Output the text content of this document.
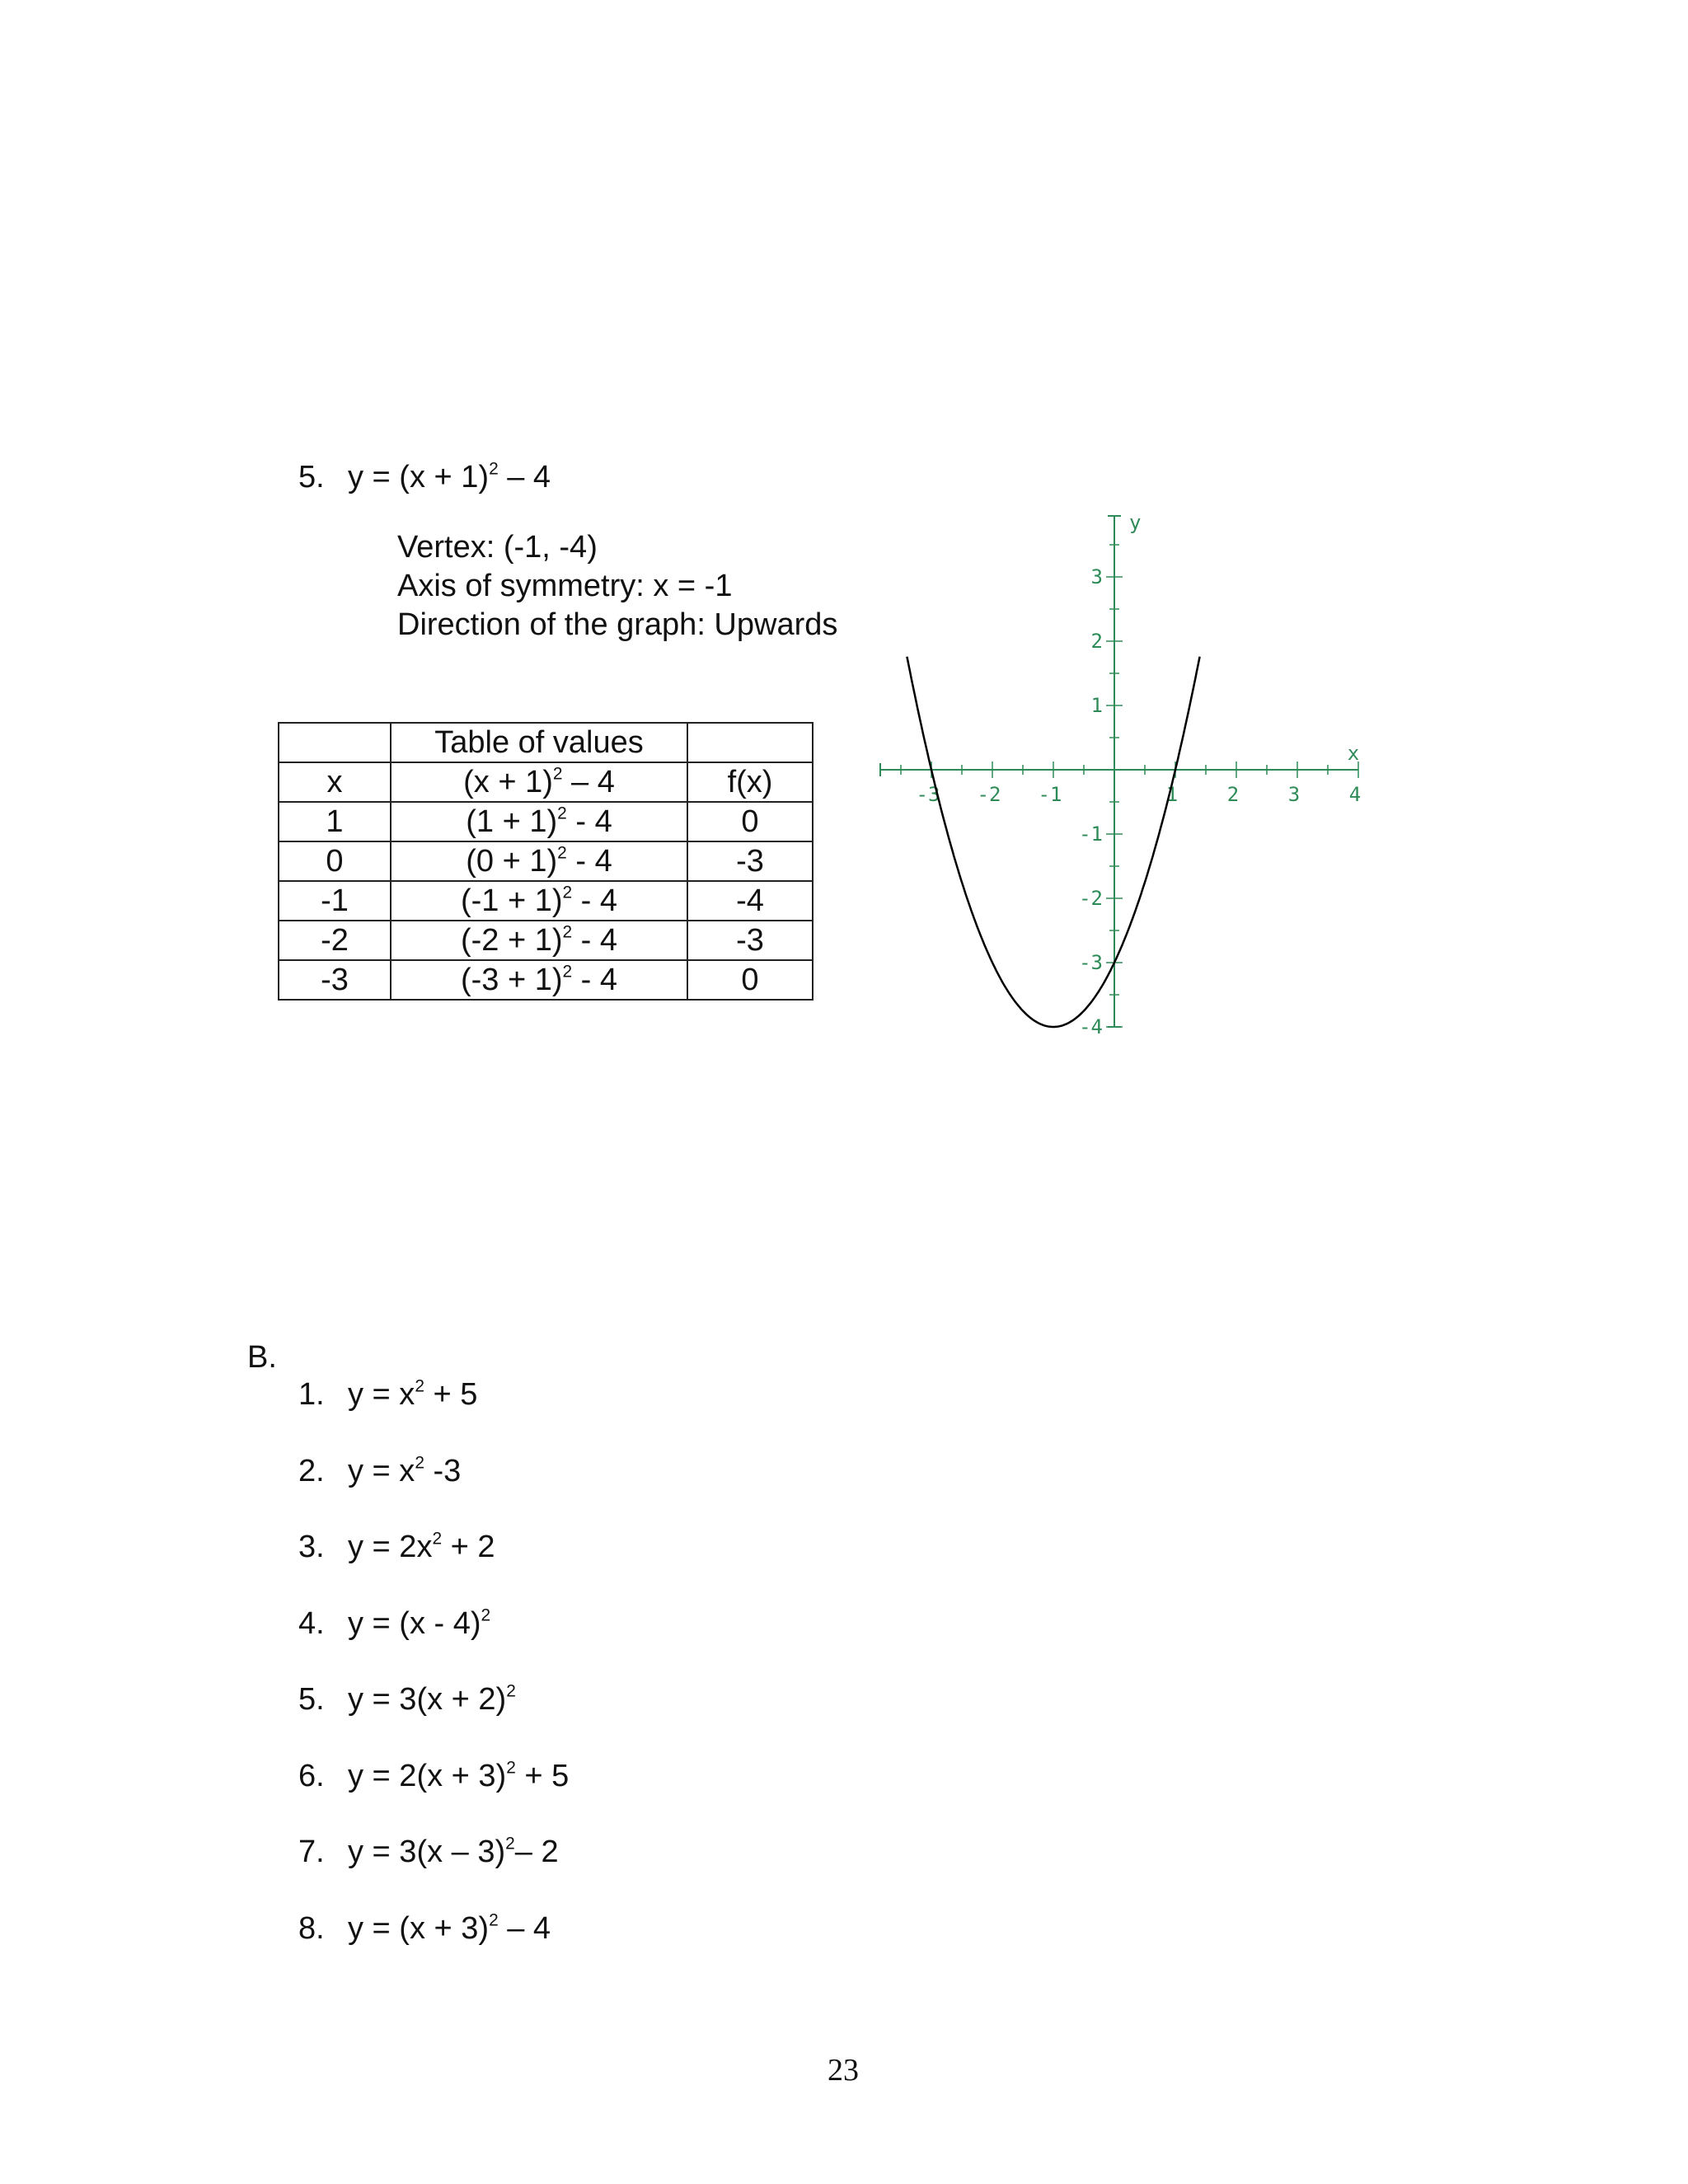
5. $y = (x + 1)^2 - 4$
Vertex: (-1, -4)
Axis of symmetry: x = -1
Direction of the graph: Upwards
	Table of values	
x	$(x + 1)^2 - 4$	f(x)
1	$(1 + 1)^2 - 4$	0
0	$(0 + 1)^2 - 4$	-3
-1	$(-1 + 1)^2 - 4$	-4
-2	$(-2 + 1)^2 - 4$	-3
-3	$(-3 + 1)^2 - 4$	0
-3 -2 -1	1 2 3 4
3
2
1
-1
-2
-3
-4
x
y
B.
1. $y = x^2 + 5$
2. $y = x^2$ -3
3. $y = 2x^2 + 2$
4. y = (x - 4)$^2$
5. $y = 3(x + 2)^2$
6. $y = 2(x + 3)^2 + 5$
7. y = 3(x – 3)$^2$– 2
8. $y = (x + 3)^2 - 4$
23
